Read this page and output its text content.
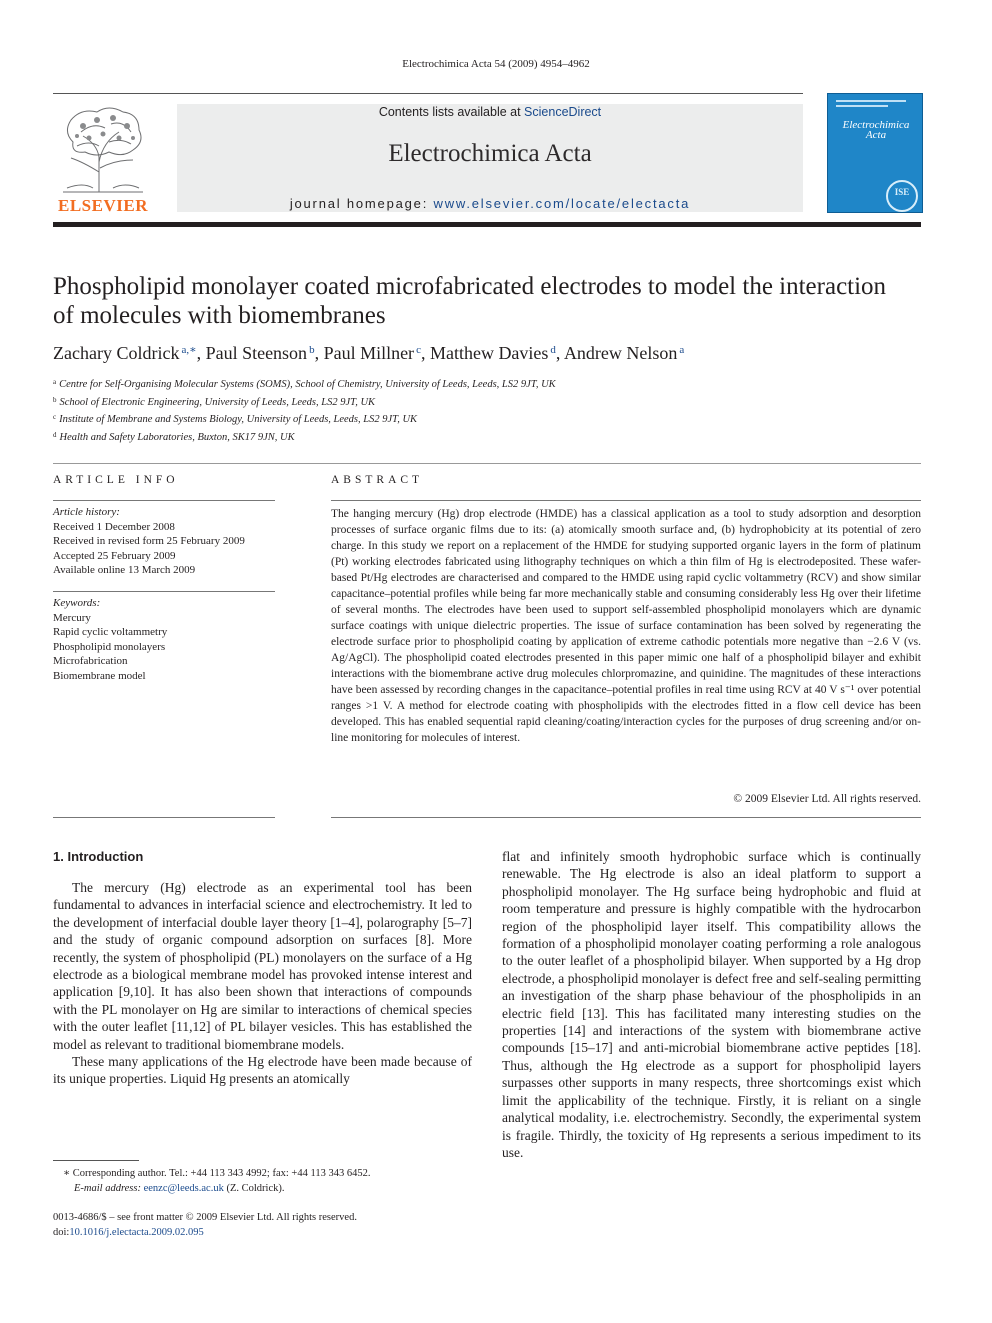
Electrochimica Acta 54 (2009) 4954–4962
ELSEVIER
Contents lists available at ScienceDirect
Electrochimica Acta
journal homepage: www.elsevier.com/locate/electacta
Electrochimica Acta
ISE
Phospholipid monolayer coated microfabricated electrodes to model the interaction of molecules with biomembranes
Zachary Coldrick $^{a,∗}$, Paul Steenson $^b$, Paul Millner $^c$, Matthew Davies $^d$, Andrew Nelson $^a$
$^a$ Centre for Self-Organising Molecular Systems (SOMS), School of Chemistry, University of Leeds, Leeds, LS2 9JT, UK
$^b$ School of Electronic Engineering, University of Leeds, Leeds, LS2 9JT, UK
$^c$ Institute of Membrane and Systems Biology, University of Leeds, Leeds, LS2 9JT, UK
$^d$ Health and Safety Laboratories, Buxton, SK17 9JN, UK
ARTICLE INFO
Article history:
Received 1 December 2008
Received in revised form 25 February 2009
Accepted 25 February 2009
Available online 13 March 2009
Keywords:
Mercury
Rapid cyclic voltammetry
Phospholipid monolayers
Microfabrication
Biomembrane model
ABSTRACT
The hanging mercury (Hg) drop electrode (HMDE) has a classical application as a tool to study adsorption and desorption processes of surface organic films due to its: (a) atomically smooth surface and, (b) hydrophobicity at its potential of zero charge. In this study we report on a replacement of the HMDE for studying supported organic layers in the form of platinum (Pt) working electrodes fabricated using lithography techniques on which a thin film of Hg is electrodeposited. These wafer-based Pt/Hg electrodes are characterised and compared to the HMDE using rapid cyclic voltammetry (RCV) and show similar capacitance–potential profiles while being far more mechanically stable and consuming considerably less Hg over their lifetime of several months. The electrodes have been used to support self-assembled phospholipid monolayers which are dynamic surface coatings with unique dielectric properties. The issue of surface contamination has been solved by regenerating the electrode surface prior to phospholipid coating by application of extreme cathodic potentials more negative than −2.6 V (vs. Ag/AgCl). The phospholipid coated electrodes presented in this paper mimic one half of a phospholipid bilayer and exhibit interactions with the biomembrane active drug molecules chlorpromazine, and quinidine. The magnitudes of these interactions have been assessed by recording changes in the capacitance–potential profiles in real time using RCV at 40 V s⁻¹ over potential ranges >1 V. A method for electrode coating with phospholipids with the electrodes fitted in a flow cell device has been developed. This has enabled sequential rapid cleaning/coating/interaction cycles for the purposes of drug screening and/or on-line monitoring for molecules of interest.
© 2009 Elsevier Ltd. All rights reserved.
1. Introduction

The mercury (Hg) electrode as an experimental tool has been fundamental to advances in interfacial science and electrochemistry. It led to the development of interfacial double layer theory [1–4], polarography [5–7] and the study of organic compound adsorption on surfaces [8]. More recently, the system of phospholipid (PL) monolayers on the surface of a Hg electrode as a biological membrane model has provoked intense interest and application [9,10]. It has also been shown that interactions of compounds with the PL monolayer on Hg are similar to interactions of chemical species with the outer leaflet [11,12] of PL bilayer vesicles. This has established the model as relevant to traditional biomembrane models.

These many applications of the Hg electrode have been made because of its unique properties. Liquid Hg presents an atomically

flat and infinitely smooth hydrophobic surface which is continually renewable. The Hg electrode is also an ideal platform to support a phospholipid monolayer. The Hg surface being hydrophobic and fluid at room temperature and pressure is highly compatible with the hydrocarbon region of the phospholipid layer itself. This compatibility allows the formation of a phospholipid monolayer coating performing a role analogous to the outer leaflet of a phospholipid bilayer. When supported by a Hg drop electrode, a phospholipid monolayer is defect free and self-sealing permitting an investigation of the sharp phase behaviour of the phospholipids in an electric field [13]. This has facilitated many interesting studies on the properties [14] and interactions of the system with biomembrane active compounds [15–17] and anti-microbial biomembrane active peptides [18]. Thus, although the Hg electrode as a support for phospholipid layers surpasses other supports in many respects, three shortcomings exist which limit the applicability of the technique. Firstly, it is reliant on a single analytical modality, i.e. electrochemistry. Secondly, the experimental system is fragile. Thirdly, the toxicity of Hg represents a serious impediment to its use.

∗ Corresponding author. Tel.: +44 113 343 4992; fax: +44 113 343 6452.
E-mail address: eenzc@leeds.ac.uk (Z. Coldrick).
0013-4686/$ – see front matter © 2009 Elsevier Ltd. All rights reserved.
doi:10.1016/j.electacta.2009.02.095
